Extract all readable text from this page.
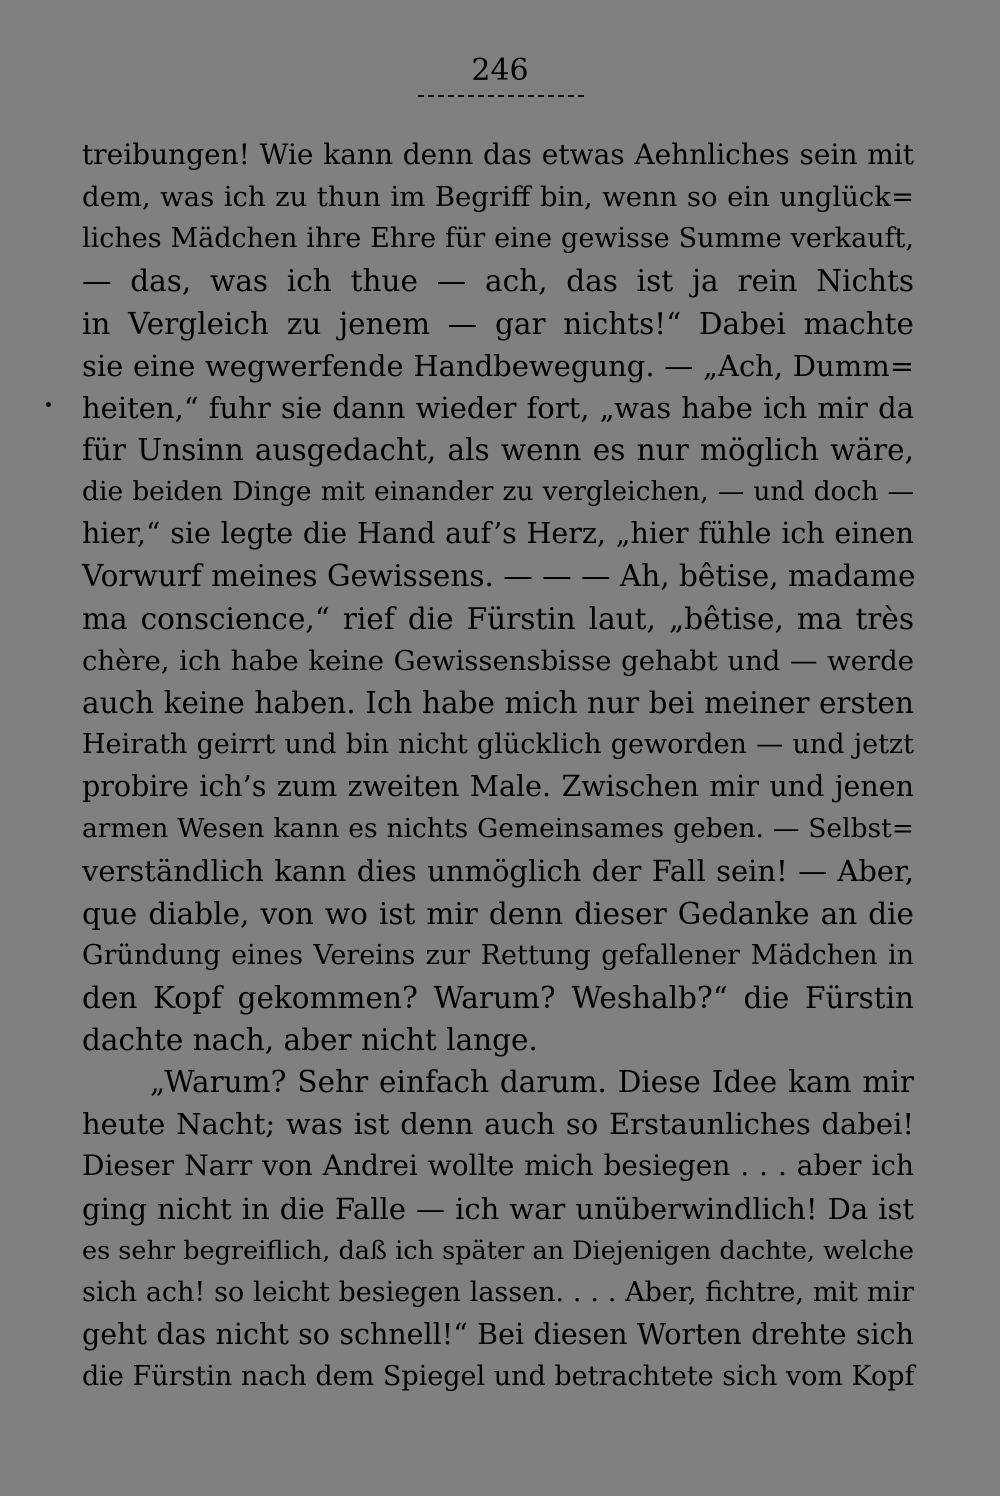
246
treibungen! Wie kann denn das etwas Aehnliches sein mit
dem, was ich zu thun im Begriff bin, wenn so ein unglück=
liches Mädchen ihre Ehre für eine gewisse Summe verkauft,
— das, was ich thue — ach, das ist ja rein Nichts
in Vergleich zu jenem — gar nichts!“ Dabei machte
sie eine wegwerfende Handbewegung. — „Ach, Dumm=
heiten,“ fuhr sie dann wieder fort, „was habe ich mir da
für Unsinn ausgedacht, als wenn es nur möglich wäre,
die beiden Dinge mit einander zu vergleichen, — und doch —
hier,“ sie legte die Hand auf’s Herz, „hier fühle ich einen
Vorwurf meines Gewissens. — — — Ah, bêtise, madame
ma conscience,“ rief die Fürstin laut, „bêtise, ma très
chère, ich habe keine Gewissensbisse gehabt und — werde
auch keine haben. Ich habe mich nur bei meiner ersten
Heirath geirrt und bin nicht glücklich geworden — und jetzt
probire ich’s zum zweiten Male. Zwischen mir und jenen
armen Wesen kann es nichts Gemeinsames geben. — Selbst=
verständlich kann dies unmöglich der Fall sein! — Aber,
que diable, von wo ist mir denn dieser Gedanke an die
Gründung eines Vereins zur Rettung gefallener Mädchen in
den Kopf gekommen? Warum? Weshalb?“ die Fürstin
dachte nach, aber nicht lange.
„Warum? Sehr einfach darum. Diese Idee kam mir
heute Nacht; was ist denn auch so Erstaunliches dabei!
Dieser Narr von Andrei wollte mich besiegen . . . aber ich
ging nicht in die Falle — ich war unüberwindlich! Da ist
es sehr begreiflich, daß ich später an Diejenigen dachte, welche
sich ach! so leicht besiegen lassen. . . . Aber, fichtre, mit mir
geht das nicht so schnell!“ Bei diesen Worten drehte sich
die Fürstin nach dem Spiegel und betrachtete sich vom Kopf
